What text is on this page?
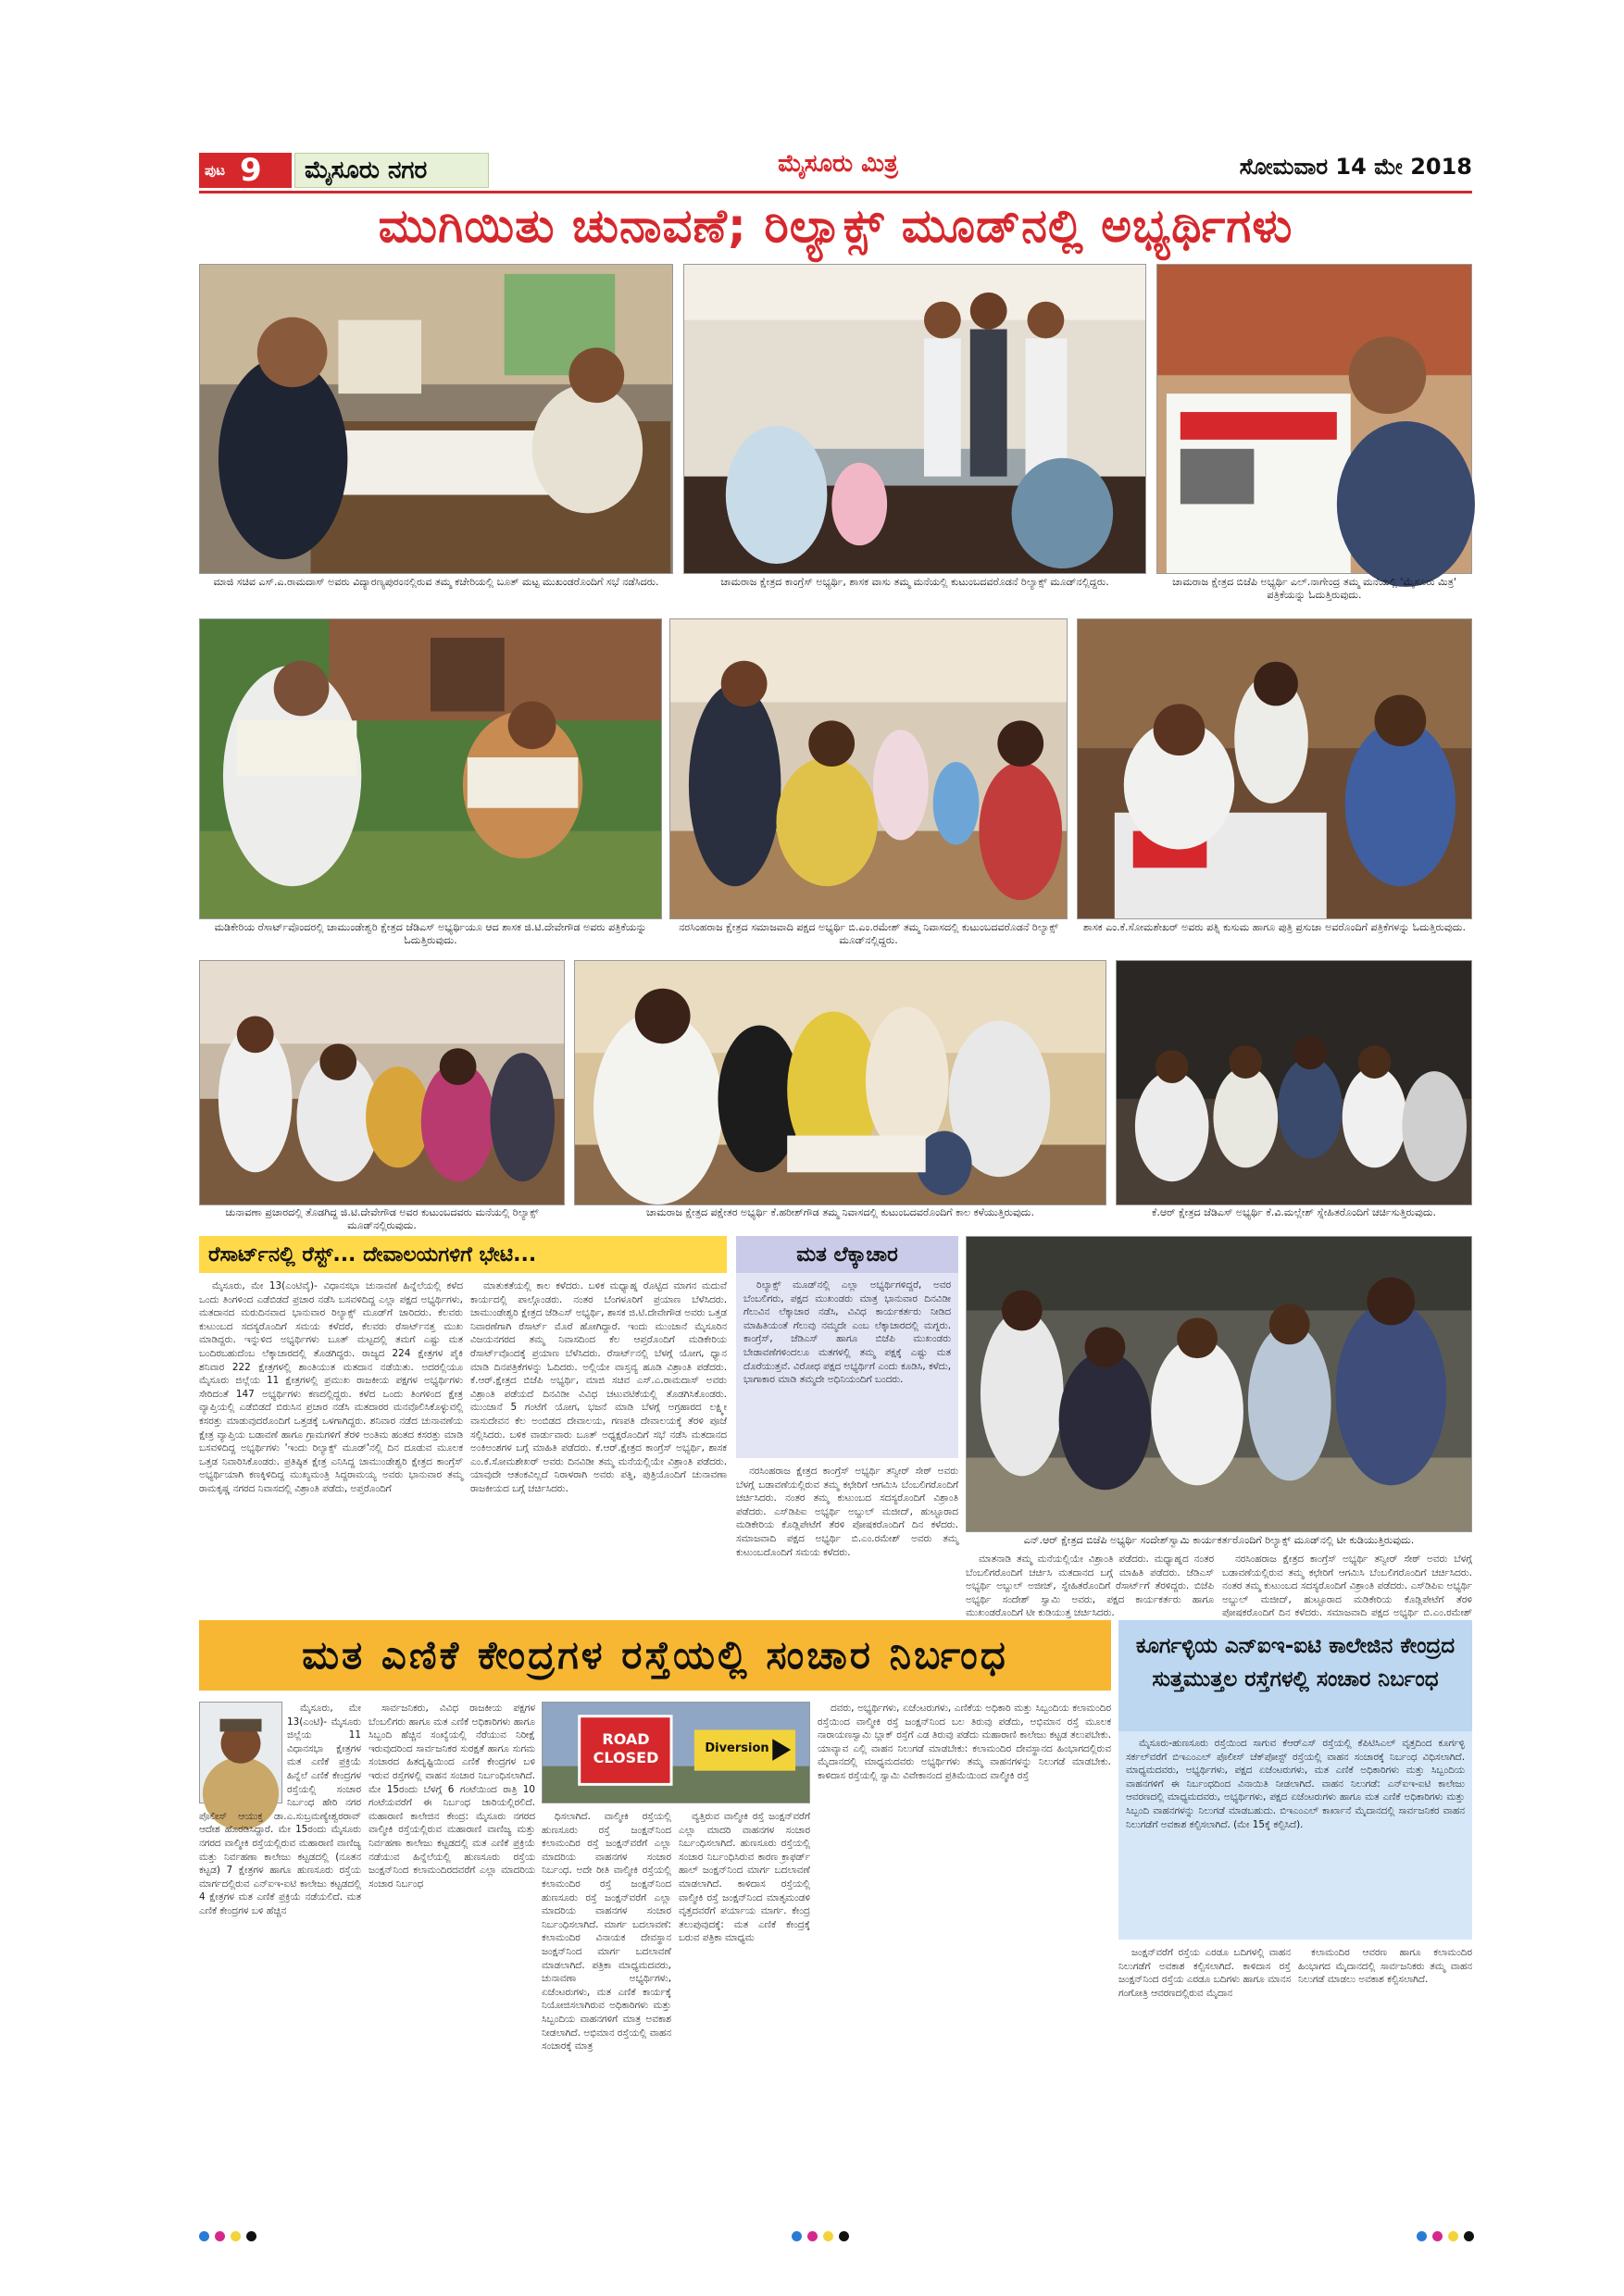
ಪುಟ 9	ಮೈಸೂರು ನಗರ	ಮೈಸೂರು ಮಿತ್ರ	ಸೋಮವಾರ 14 ಮೇ 2018
ಮುಗಿಯಿತು ಚುನಾವಣೆ; ರಿಲ್ಯಾಕ್ಸ್ ಮೂಡ್‌ನಲ್ಲಿ ಅಭ್ಯರ್ಥಿಗಳು
ಮಾಜಿ ಸಚಿವ ಎಸ್.ಎ.ರಾಮದಾಸ್ ಅವರು ವಿದ್ಯಾರಣ್ಯಪುರಂನಲ್ಲಿರುವ ತಮ್ಮ ಕಚೇರಿಯಲ್ಲಿ ಬೂತ್ ಮಟ್ಟ ಮುಖಂಡರೊಂದಿಗೆ ಸಭೆ ನಡೆಸಿದರು.	ಚಾಮರಾಜ ಕ್ಷೇತ್ರದ ಕಾಂಗ್ರೆಸ್ ಅಭ್ಯರ್ಥಿ, ಶಾಸಕ ವಾಸು ತಮ್ಮ ಮನೆಯಲ್ಲಿ ಕುಟುಂಬದವರೊಡನೆ ರಿಲ್ಯಾಕ್ಸ್ ಮೂಡ್‌ನಲ್ಲಿದ್ದರು.	ಚಾಮರಾಜ ಕ್ಷೇತ್ರದ ಬಿಜೆಪಿ ಅಭ್ಯರ್ಥಿ ಎಲ್.ನಾಗೇಂದ್ರ ತಮ್ಮ ಮನೆಯಲ್ಲಿ 'ಮೈಸೂರು ಮಿತ್ರ' ಪತ್ರಿಕೆಯನ್ನು ಓದುತ್ತಿರುವುದು.
ಮಡಿಕೇರಿಯ ರೆಸಾರ್ಟ್‌ವೊಂದರಲ್ಲಿ ಚಾಮುಂಡೇಶ್ವರಿ ಕ್ಷೇತ್ರದ ಜೆಡಿಎಸ್ ಅಭ್ಯರ್ಥಿಯೂ ಆದ ಶಾಸಕ ಜಿ.ಟಿ.ದೇವೇಗೌಡ ಅವರು ಪತ್ರಿಕೆಯನ್ನು ಓದುತ್ತಿರುವುದು.
ನರಸಿಂಹರಾಜ ಕ್ಷೇತ್ರದ ಸಮಾಜವಾದಿ ಪಕ್ಷದ ಅಭ್ಯರ್ಥಿ ಬಿ.ಎಂ.ರಮೇಶ್‌ ತಮ್ಮ ನಿವಾಸದಲ್ಲಿ ಕುಟುಂಬದವರೊಡನೆ ರಿಲ್ಯಾಕ್ಸ್ ಮೂಡ್‌ನಲ್ಲಿದ್ದರು.
ಶಾಸಕ ಎಂ.ಕೆ.ಸೋಮಶೇಖರ್ ಅವರು ಪತ್ನಿ ಕುಸುಮ ಹಾಗೂ ಪುತ್ರಿ ಪ್ರಸುಜಾ ಅವರೊಂದಿಗೆ ಪತ್ರಿಕೆಗಳನ್ನು ಓದುತ್ತಿರುವುದು.
ಚುನಾವಣಾ ಪ್ರಚಾರದಲ್ಲಿ ತೊಡಗಿದ್ದ ಜಿ.ಟಿ.ದೇವೇಗೌಡ ಅವರ ಕುಟುಂಬದವರು ಮನೆಯಲ್ಲಿ ರಿಲ್ಯಾಕ್ಸ್ ಮೂಡ್‌ನಲ್ಲಿರುವುದು.
ಚಾಮರಾಜ ಕ್ಷೇತ್ರದ ಪಕ್ಷೇತರ ಅಭ್ಯರ್ಥಿ ಕೆ.ಹರೀಶ್‌ಗೌಡ ತಮ್ಮ ನಿವಾಸದಲ್ಲಿ ಕುಟುಂಬದವರೊಂದಿಗೆ ಕಾಲ ಕಳೆಯುತ್ತಿರುವುದು.	ಕೆ.ಆರ್ ಕ್ಷೇತ್ರದ ಜೆಡಿಎಸ್ ಅಭ್ಯರ್ಥಿ ಕೆ.ವಿ.ಮಲ್ಲೇಶ್ ಸ್ನೇಹಿತರೊಂದಿಗೆ ಚರ್ಚಿಸುತ್ತಿರುವುದು.
ರೆಸಾರ್ಟ್‌ನಲ್ಲಿ ರೆಸ್ಟ್... ದೇವಾಲಯಗಳಿಗೆ ಭೇಟಿ...

ಮೈಸೂರು, ಮೇ 13(ಎಂಟಿವೈ)- ವಿಧಾನಸಭಾ ಚುನಾವಣೆ ಹಿನ್ನೆಲೆಯಲ್ಲಿ ಕಳೆದ ಒಂದು ತಿಂಗಳಿಂದ ಎಡೆಬಿಡದೆ ಪ್ರಚಾರ ನಡೆಸಿ ಬಸವಳಿದಿದ್ದ ಎಲ್ಲಾ ಪಕ್ಷದ ಅಭ್ಯರ್ಥಿಗಳು, ಮತದಾನದ ಮರುದಿನವಾದ ಭಾನುವಾರ ರಿಲ್ಯಾಕ್ಸ್ ಮೂಡ್‌ಗೆ ಜಾರಿದರು. ಕೆಲವರು ಕುಟುಂಬದ ಸದಸ್ಯರೊಂದಿಗೆ ಸಮಯ ಕಳೆದರೆ, ಕೆಲವರು ರೆಸಾರ್ಟ್‌ನತ್ತ ಮುಖ ಮಾಡಿದ್ದರು. ಇನ್ನುಳಿದ ಅಭ್ಯರ್ಥಿಗಳು ಬೂತ್ ಮಟ್ಟದಲ್ಲಿ ತಮಗೆ ಎಷ್ಟು ಮತ ಬಂದಿರಬಹುದೆಂಬ ಲೆಕ್ಕಾಚಾರದಲ್ಲಿ ತೊಡಗಿದ್ದರು. ರಾಜ್ಯದ 224 ಕ್ಷೇತ್ರಗಳ ಪೈಕಿ ಶನಿವಾರ 222 ಕ್ಷೇತ್ರಗಳಲ್ಲಿ ಶಾಂತಿಯುತ ಮತದಾನ ನಡೆಯಿತು. ಅದರಲ್ಲಿಯೂ ಮೈಸೂರು ಜಿಲ್ಲೆಯ 11 ಕ್ಷೇತ್ರಗಳಲ್ಲಿ ಪ್ರಮುಖ ರಾಜಕೀಯ ಪಕ್ಷಗಳ ಅಭ್ಯರ್ಥಿಗಳು ಸೇರಿದಂತೆ 147 ಅಭ್ಯರ್ಥಿಗಳು ಕಣದಲ್ಲಿದ್ದರು. ಕಳೆದ ಒಂದು ತಿಂಗಳಿಂದ ಕ್ಷೇತ್ರ ವ್ಯಾಪ್ತಿಯಲ್ಲಿ ಎಡೆಬಿಡದೆ ಬಿರುಸಿನ ಪ್ರಚಾರ ನಡೆಸಿ ಮತದಾರರ ಮನವೊಲಿಸಿಕೊಳ್ಳುವಲ್ಲಿ ಕಸರತ್ತು ಮಾಡುವುದರೊಂದಿಗೆ ಒತ್ತಡಕ್ಕೆ ಒಳಗಾಗಿದ್ದರು. ಶನಿವಾರ ನಡೆದ ಚುನಾವಣೆಯ ಕ್ಷೇತ್ರ ವ್ಯಾಪ್ತಿಯ ಬಡಾವಣೆ ಹಾಗೂ ಗ್ರಾಮಗಳಿಗೆ ತೆರಳಿ ಅಂತಿಮ ಹಂತದ ಕಸರತ್ತು ಮಾಡಿ ಬಸವಳಿದಿದ್ದ ಅಭ್ಯರ್ಥಿಗಳು 'ಇಂದು ರಿಲ್ಯಾಕ್ಸ್ ಮೂಡ್‌'ನಲ್ಲಿ ದಿನ ದೂಡುವ ಮೂಲಕ ಒತ್ತಡ ನಿವಾರಿಸಿಕೊಂಡರು. ಪ್ರತಿಷ್ಠಿತ ಕ್ಷೇತ್ರ ಎನಿಸಿದ್ದ ಚಾಮುಂಡೇಶ್ವರಿ ಕ್ಷೇತ್ರದ ಕಾಂಗ್ರೆಸ್ ಅಭ್ಯರ್ಥಿಯಾಗಿ ಕಣಕ್ಕಿಳಿದಿದ್ದ ಮುಖ್ಯಮಂತ್ರಿ ಸಿದ್ದರಾಮಯ್ಯ ಅವರು ಭಾನುವಾರ ತಮ್ಮ ರಾಮಕೃಷ್ಣ ನಗರದ ನಿವಾಸದಲ್ಲಿ ವಿಶ್ರಾಂತಿ ಪಡೆದು, ಅಪ್ತರೊಂದಿಗೆ

ಮಾತುಕತೆಯಲ್ಲಿ ಕಾಲ ಕಳೆದರು. ಬಳಿಕ ಮಧ್ಯಾಹ್ನ ರೊಟ್ಟಿದ ಮಾಗನ ಮದುವೆ ಕಾರ್ಯದಲ್ಲಿ ಪಾಲ್ಗೊಂಡರು. ನಂತರ ಬೆಂಗಳೂರಿಗೆ ಪ್ರಯಾಣ ಬೆಳೆಸಿದರು. ಚಾಮುಂಡೇಶ್ವರಿ ಕ್ಷೇತ್ರದ ಜೆಡಿಎಸ್ ಅಭ್ಯರ್ಥಿ, ಶಾಸಕ ಜಿ.ಟಿ.ದೇವೇಗೌಡ ಅವರು ಒತ್ತಡ ನಿವಾರಣೆಗಾಗಿ ರೆಸಾರ್ಟ್ ಮೊರೆ ಹೋಗಿದ್ದಾರೆ. ಇಂದು ಮುಂಜಾನೆ ಮೈಸೂರಿನ ವಿಜಯನಗರದ ತಮ್ಮ ನಿವಾಸದಿಂದ ಕೆಲ ಆಪ್ತರೊಂದಿಗೆ ಮಡಿಕೇರಿಯ ರೆಸಾರ್ಟ್‌ವೊಂದಕ್ಕೆ ಪ್ರಯಾಣ ಬೆಳೆಸಿದರು. ರೆಸಾರ್ಟ್‌ನಲ್ಲಿ ಬೆಳಗ್ಗೆ ಯೋಗ, ಧ್ಯಾನ ಮಾಡಿ ದಿನಪತ್ರಿಕೆಗಳನ್ನು ಓದಿದರು. ಅಲ್ಲಿಯೇ ವಾಸ್ತವ್ಯ ಹೂಡಿ ವಿಶ್ರಾಂತಿ ಪಡೆದರು. ಕೆ.ಆರ್.ಕ್ಷೇತ್ರದ ಬಿಜೆಪಿ ಅಭ್ಯರ್ಥಿ, ಮಾಜಿ ಸಚಿವ ಎಸ್.ಎ.ರಾಮದಾಸ್ ಅವರು ವಿಶ್ರಾಂತಿ ಪಡೆಯದೆ ದಿನವಿಡೀ ವಿವಿಧ ಚಟುವಟಿಕೆಯಲ್ಲಿ ತೊಡಗಿಸಿಕೊಂಡರು. ಮುಂಜಾನೆ 5 ಗಂಟೆಗೆ ಯೋಗ, ಭಜನೆ ಮಾಡಿ ಬೆಳಗ್ಗೆ ಅಗ್ರಹಾರದ ಲಕ್ಷ್ಮೀ ವಾಸುದೇವನ ಕೆಲ ಅಂಬಿಡದ ದೇವಾಲಯ, ಗಣಪತಿ ದೇವಾಲಯಕ್ಕೆ ತೆರಳಿ ಪೂಜೆ ಸಲ್ಲಿಸಿದರು. ಬಳಿಕ ವಾರ್ಡುವಾರು ಬೂತ್ ಅಧ್ಯಕ್ಷರೊಂದಿಗೆ ಸಭೆ ನಡೆಸಿ ಮತದಾನದ ಅಂಕಿಅಂಶಗಳ ಬಗ್ಗೆ ಮಾಹಿತಿ ಪಡೆದರು. ಕೆ.ಆರ್.ಕ್ಷೇತ್ರದ ಕಾಂಗ್ರೆಸ್ ಅಭ್ಯರ್ಥಿ, ಶಾಸಕ ಎಂ.ಕೆ.ಸೋಮಶೇಖರ್ ಅವರು ದಿನವಿಡೀ ತಮ್ಮ ಮನೆಯಲ್ಲಿಯೇ ವಿಶ್ರಾಂತಿ ಪಡೆದರು. ಯಾವುದೇ ಆತಂಕವಿಲ್ಲದೆ ನಿರಾಳರಾಗಿ ಅವರು ಪತ್ನಿ, ಪುತ್ರಿಯೊಂದಿಗೆ ಚುನಾವಣಾ ರಾಜಕೀಯದ ಬಗ್ಗೆ ಚರ್ಚಿಸಿದರು.

ಮತ ಲೆಕ್ಕಾಚಾರ

ರಿಲ್ಯಾಕ್ಸ್ ಮೂಡ್‌ನಲ್ಲಿ ಎಲ್ಲಾ ಅಭ್ಯರ್ಥಿಗಳಿದ್ದರೆ, ಅವರ ಬೆಂಬಲಿಗರು, ಪಕ್ಷದ ಮುಖಂಡರು ಮಾತ್ರ ಭಾನುವಾರ ದಿನವಿಡೀ ಗೆಲುವಿನ ಲೆಕ್ಕಾಚಾರ ನಡೆಸಿ, ವಿವಿಧ ಕಾರ್ಯಕರ್ತರು ನೀಡಿದ ಮಾಹಿತಿಯಂತೆ ಗೆಲುವು ನಮ್ಮದೇ ಎಂಬ ಲೆಕ್ಕಾಚಾರದಲ್ಲಿ ಮಗ್ನರು. ಕಾಂಗ್ರೆಸ್, ಜೆಡಿಎಸ್ ಹಾಗೂ ಬಿಜೆಪಿ ಮುಖಂಡರು ಬೇಡಾವಣೆಗಳಿಂದಲೂ ಮತಗಳಲ್ಲಿ ತಮ್ಮ ಪಕ್ಷಕ್ಕೆ ಎಷ್ಟು ಮತ ದೊರೆಯುತ್ತವೆ. ವಿರೋಧ ಪಕ್ಷದ ಅಭ್ಯರ್ಥಿಗೆ ಎಂದು ಕೂಡಿಸಿ, ಕಳೆದು, ಭಾಗಾಕಾರ ಮಾಡಿ ತಮ್ಮದೇ ಅಧಿನಿಯಂದಿಗೆ ಬಂದರು.

ನರಸಿಂಹರಾಜ ಕ್ಷೇತ್ರದ ಕಾಂಗ್ರೆಸ್ ಅಭ್ಯರ್ಥಿ ತನ್ವೀರ್ ಸೇಠ್ ಅವರು ಬೆಳಗ್ಗೆ ಬಡಾವಣೆಯಲ್ಲಿರುವ ತಮ್ಮ ಕಛೇರಿಗೆ ಆಗಮಿಸಿ ಬೆಂಬಲಿಗರೊಂದಿಗೆ ಚರ್ಚಿಸಿದರು. ನಂತರ ತಮ್ಮ ಕುಟುಂಬದ ಸದಸ್ಯರೊಂದಿಗೆ ವಿಶ್ರಾಂತಿ ಪಡೆದರು. ಎಸ್‌ಡಿಪಿಐ ಅಭ್ಯರ್ಥಿ ಅಬ್ದುಲ್ ಮಜೀದ್, ಹುಟ್ಟೂರಾದ ಮಡಿಕೇರಿಯ ಕೊಡ್ಲಿಪೇಟೆಗೆ ತೆರಳಿ ಪೋಷಕರೊಂದಿಗೆ ದಿನ ಕಳೆದರು. ಸಮಾಜವಾದಿ ಪಕ್ಷದ ಅಭ್ಯರ್ಥಿ ಬಿ.ಎಂ.ರಮೇಶ್ ಅವರು ತಮ್ಮ ಕುಟುಂಬದೊಂದಿಗೆ ಸಮಯ ಕಳೆದರು.

ಎನ್.ಆರ್ ಕ್ಷೇತ್ರದ ಬಿಜೆಪಿ ಅಭ್ಯರ್ಥಿ ಸಂದೇಶ್‌ಸ್ವಾಮಿ ಕಾರ್ಯಕರ್ತರೊಂದಿಗೆ ರಿಲ್ಯಾಕ್ಸ್ ಮೂಡ್‌ನಲ್ಲಿ ಟೀ ಕುಡಿಯುತ್ತಿರುವುದು.

ಮಾತನಾಡಿ ತಮ್ಮ ಮನೆಯಲ್ಲಿಯೇ ವಿಶ್ರಾಂತಿ ಪಡೆದರು. ಮಧ್ಯಾಹ್ನದ ನಂತರ ಬೆಂಬಲಿಗರೊಂದಿಗೆ ಚರ್ಚಿಸಿ ಮತದಾನದ ಬಗ್ಗೆ ಮಾಹಿತಿ ಪಡೆದರು. ಜೆಡಿಎಸ್ ಅಭ್ಯರ್ಥಿ ಅಬ್ದುಲ್ ಅಜೀಜ್, ಸ್ನೇಹಿತರೊಂದಿಗೆ ರೆಸಾರ್ಟ್‌ಗೆ ತೆರಳಿದ್ದರು. ಬಿಜೆಪಿ ಅಭ್ಯರ್ಥಿ ಸಂದೇಶ್ ಸ್ವಾಮಿ ಅವರು, ಪಕ್ಷದ ಕಾರ್ಯಕರ್ತರು ಹಾಗೂ ಮುಖಂಡರೊಂದಿಗೆ ಟೀ ಕುಡಿಯುತ್ತ ಚರ್ಚಿಸಿದರು.

ನರಸಿಂಹರಾಜ ಕ್ಷೇತ್ರದ ಕಾಂಗ್ರೆಸ್ ಅಭ್ಯರ್ಥಿ ತನ್ವೀರ್ ಸೇಠ್ ಅವರು ಬೆಳಗ್ಗೆ ಬಡಾವಣೆಯಲ್ಲಿರುವ ತಮ್ಮ ಕಛೇರಿಗೆ ಆಗಮಿಸಿ ಬೆಂಬಲಿಗರೊಂದಿಗೆ ಚರ್ಚಿಸಿದರು. ನಂತರ ತಮ್ಮ ಕುಟುಂಬದ ಸದಸ್ಯರೊಂದಿಗೆ ವಿಶ್ರಾಂತಿ ಪಡೆದರು. ಎಸ್‌ಡಿಪಿಐ ಅಭ್ಯರ್ಥಿ ಅಬ್ದುಲ್ ಮಜೀದ್, ಹುಟ್ಟೂರಾದ ಮಡಿಕೇರಿಯ ಕೊಡ್ಲಿಪೇಟೆಗೆ ತೆರಳಿ ಪೋಷಕರೊಂದಿಗೆ ದಿನ ಕಳೆದರು. ಸಮಾಜವಾದಿ ಪಕ್ಷದ ಅಭ್ಯರ್ಥಿ ಬಿ.ಎಂ.ರಮೇಶ್

ಮತ ಎಣಿಕೆ ಕೇಂದ್ರಗಳ ರಸ್ತೆಯಲ್ಲಿ ಸಂಚಾರ ನಿರ್ಬಂಧ

ಮೈಸೂರು, ಮೇ 13(ಎಂಟಿ)- ಮೈಸೂರು ಜಿಲ್ಲೆಯ 11 ವಿಧಾನಸಭಾ ಕ್ಷೇತ್ರಗಳ ಮತ ಎಣಿಕೆ ಪ್ರಕ್ರಿಯೆ ಹಿನ್ನೆಲೆ ಎಣಿಕೆ ಕೇಂದ್ರಗಳ ರಸ್ತೆಯಲ್ಲಿ ಸಂಚಾರ ನಿರ್ಬಂಧ ಹೇರಿ ನಗರ ಪೊಲೀಸ್ ಆಯುಕ್ತ ಡಾ.ಎ.ಸುಬ್ರಮಣ್ಯೇಶ್ವರರಾವ್ ಆದೇಶ ಹೊರಡಿಸಿದ್ದಾರೆ. ಮೇ 15ರಂದು ಮೈಸೂರು ನಗರದ ವಾಲ್ಮೀಕಿ ರಸ್ತೆಯಲ್ಲಿರುವ ಮಹಾರಾಣಿ ವಾಣಿಜ್ಯ ಮತ್ತು ನಿರ್ವಹಣಾ ಕಾಲೇಜು ಕಟ್ಟಡದಲ್ಲಿ (ನೂತನ ಕಟ್ಟಡ) 7 ಕ್ಷೇತ್ರಗಳ ಹಾಗೂ ಹುಣಸೂರು ರಸ್ತೆಯ ಮಾರ್ಗದಲ್ಲಿರುವ ಎನ್‌ಐಇ-ಐಟಿ ಕಾಲೇಜು ಕಟ್ಟಡದಲ್ಲಿ 4 ಕ್ಷೇತ್ರಗಳ ಮತ ಎಣಿಕೆ ಪ್ರಕ್ರಿಯೆ ನಡೆಯಲಿದೆ. ಮತ ಎಣಿಕೆ ಕೇಂದ್ರಗಳ ಬಳಿ ಹೆಚ್ಚಿನ

ಸಾರ್ವಜನಿಕರು, ವಿವಿಧ ರಾಜಕೀಯ ಪಕ್ಷಗಳ ಬೆಂಬಲಿಗರು ಹಾಗೂ ಮತ ಎಣಿಕೆ ಅಧಿಕಾರಿಗಳು ಹಾಗೂ ಸಿಬ್ಬಂದಿ ಹೆಚ್ಚಿನ ಸಂಖ್ಯೆಯಲ್ಲಿ ನೆರೆಯುವ ನಿರೀಕ್ಷೆ ಇರುವುದರಿಂದ ಸಾರ್ವಜನಿಕರ ಸುರಕ್ಷತೆ ಹಾಗೂ ಸುಗಮ ಸಂಚಾರದ ಹಿತದೃಷ್ಟಿಯಿಂದ ಎಣಿಕೆ ಕೇಂದ್ರಗಳ ಬಳಿ ಇರುವ ರಸ್ತೆಗಳಲ್ಲಿ ವಾಹನ ಸಂಚಾರ ನಿರ್ಬಂಧಿಸಲಾಗಿದೆ. ಮೇ 15ರಂದು ಬೆಳಗ್ಗೆ 6 ಗಂಟೆಯಿಂದ ರಾತ್ರಿ 10 ಗಂಟೆಯವರೆಗೆ ಈ ನಿರ್ಬಂಧ ಜಾರಿಯಲ್ಲಿರಲಿದೆ. ಮಹಾರಾಣಿ ಕಾಲೇಜಿನ ಕೇಂದ್ರ: ಮೈಸೂರು ನಗರದ ವಾಲ್ಮೀಕಿ ರಸ್ತೆಯಲ್ಲಿರುವ ಮಹಾರಾಣಿ ವಾಣಿಜ್ಯ ಮತ್ತು ನಿರ್ವಹಣಾ ಕಾಲೇಜು ಕಟ್ಟಡದಲ್ಲಿ ಮತ ಎಣಿಕೆ ಪ್ರಕ್ರಿಯೆ ನಡೆಯುವ ಹಿನ್ನೆಲೆಯಲ್ಲಿ ಹುಣಸೂರು ರಸ್ತೆಯ ಜಂಕ್ಷನ್‌ನಿಂದ ಕಲಾಮಂದಿರದವರೆಗೆ ಎಲ್ಲಾ ಮಾದರಿಯ ಸಂಚಾರ ನಿರ್ಬಂಧ

ROAD CLOSED
Diversion

ಧಿಸಲಾಗಿದೆ. ವಾಲ್ಮೀಕಿ ರಸ್ತೆಯಲ್ಲಿ ಹುಣಸೂರು ರಸ್ತೆ ಜಂಕ್ಷನ್‌ನಿಂದ ಕಲಾಮಂದಿರ ರಸ್ತೆ ಜಂಕ್ಷನ್‌ವರೆಗೆ ಎಲ್ಲಾ ಮಾದರಿಯ ವಾಹನಗಳ ಸಂಚಾರ ನಿರ್ಬಂಧ. ಅದೇ ರೀತಿ ವಾಲ್ಮೀಕಿ ರಸ್ತೆಯಲ್ಲಿ ಕಲಾಮಂದಿರ ರಸ್ತೆ ಜಂಕ್ಷನ್‌ನಿಂದ ಹುಣಸೂರು ರಸ್ತೆ ಜಂಕ್ಷನ್‌ವರೆಗೆ ಎಲ್ಲಾ ಮಾದರಿಯ ವಾಹನಗಳ ಸಂಚಾರ ನಿರ್ಬಂಧಿಸಲಾಗಿದೆ. ಮಾರ್ಗ ಬದಲಾವಣೆ: ಕಲಾಮಂದಿರ ವಿನಾಯಕ ದೇವಸ್ಥಾನ ಜಂಕ್ಷನ್‌ನಿಂದ ಮಾರ್ಗ ಬದಲಾವಣೆ ಮಾಡಲಾಗಿದೆ. ಪತ್ರಿಕಾ ಮಾಧ್ಯಮದವರು, ಚುನಾವಣಾ ಅಭ್ಯರ್ಥಿಗಳು, ಏಜೆಂಟರುಗಳು, ಮತ ಎಣಿಕೆ ಕಾರ್ಯಕ್ಕೆ ನಿಯೋಜಿಸಲಾಗಿರುವ ಅಧಿಕಾರಿಗಳು ಮತ್ತು ಸಿಬ್ಬಂದಿಯ ವಾಹನಗಳಿಗೆ ಮಾತ್ರ ಅವಕಾಶ ನೀಡಲಾಗಿದೆ. ಅಭಿಮಾನ ರಸ್ತೆಯಲ್ಲಿ ವಾಹನ ಸಂಚಾರಕ್ಕೆ ಮಾತ್ರ

ವ್ಯತ್ತಿರುವ ವಾಲ್ಮೀಕಿ ರಸ್ತೆ ಜಂಕ್ಷನ್‌ವರೆಗೆ ಎಲ್ಲಾ ಮಾದರಿ ವಾಹನಗಳ ಸಂಚಾರ ನಿರ್ಬಂಧಿಸಲಾಗಿದೆ. ಹುಣಸೂರು ರಸ್ತೆಯಲ್ಲಿ ಸಂಚಾರ ನಿರ್ಬಂಧಿಸಿರುವ ಕಾರಣ ಕ್ರಾಫರ್ಡ್ ಹಾಲ್ ಜಂಕ್ಷನ್‌ನಿಂದ ಮಾರ್ಗ ಬದಲಾವಣೆ ಮಾಡಲಾಗಿದೆ. ಕಾಳಿದಾಸ ರಸ್ತೆಯಲ್ಲಿ ವಾಲ್ಮೀಕಿ ರಸ್ತೆ ಜಂಕ್ಷನ್‌ನಿಂದ ಮಾತೃಮಂಡಳಿ ವೃತ್ತದವರೆಗೆ ಪರ್ಯಾಯ ಮಾರ್ಗ. ಕೇಂದ್ರ ತಲುಪುವುದಕ್ಕೆ: ಮತ ಎಣಿಕೆ ಕೇಂದ್ರಕ್ಕೆ ಬರುವ ಪತ್ರಿಕಾ ಮಾಧ್ಯಮ

ದವರು, ಅಭ್ಯರ್ಥಿಗಳು, ಏಜೆಂಟರುಗಳು, ಎಣಿಕೆಯ ಅಧಿಕಾರಿ ಮತ್ತು ಸಿಬ್ಬಂದಿಯ ಕಲಾಮಂದಿರ ರಸ್ತೆಯಿಂದ ವಾಲ್ಮೀಕಿ ರಸ್ತೆ ಜಂಕ್ಷನ್‌ನಿಂದ ಬಲ ತಿರುವು ಪಡೆದು, ಅಭಿಮಾನ ರಸ್ತೆ ಮೂಲಕ ನಾರಾಯಣಸ್ವಾಮಿ ಬ್ಲಾಕ್ ರಸ್ತೆಗೆ ಎಡ ತಿರುವು ಪಡೆದು ಮಹಾರಾಣಿ ಕಾಲೇಜು ಕಟ್ಟಡ ತಲುಪಬೇಕು. ಯಾವ್ಯಾವ ಎಲ್ಲಿ ವಾಹನ ನಿಲುಗಡೆ ಮಾಡಬೇಕು: ಕಲಾಮಂದಿರ ದೇವಸ್ಥಾನದ ಹಿಂಭಾಗದಲ್ಲಿರುವ ಮೈದಾನದಲ್ಲಿ ಮಾಧ್ಯಮದವರು ಅಭ್ಯರ್ಥಿಗಳು ತಮ್ಮ ವಾಹನಗಳನ್ನು ನಿಲುಗಡೆ ಮಾಡಬೇಕು. ಕಾಳಿದಾಸ ರಸ್ತೆಯಲ್ಲಿ ಸ್ವಾಮಿ ವಿವೇಕಾನಂದ ಪ್ರತಿಮೆಯಿಂದ ವಾಲ್ಮೀಕಿ ರಸ್ತೆ

ಕೂರ್ಗಳ್ಳಿಯ ಎನ್‌ಐಇ-ಐಟಿ ಕಾಲೇಜಿನ ಕೇಂದ್ರದ ಸುತ್ತಮುತ್ತಲ ರಸ್ತೆಗಳಲ್ಲಿ ಸಂಚಾರ ನಿರ್ಬಂಧ

ಮೈಸೂರು-ಹುಣಸೂರು ರಸ್ತೆಯಿಂದ ಸಾಗುವ ಕೆಆರ್‌ಎಸ್ ರಸ್ತೆಯಲ್ಲಿ ಕೆಪಿಟಿಸಿಎಲ್ ವೃತ್ತದಿಂದ ಕೂರ್ಗಳ್ಳಿ ಸರ್ಕಲ್‌ವರೆಗೆ ಬಿಇಎಂಎಲ್ ಪೊಲೀಸ್ ಚೆಕ್‌ಪೋಸ್ಟ್ ರಸ್ತೆಯಲ್ಲಿ ವಾಹನ ಸಂಚಾರಕ್ಕೆ ನಿರ್ಬಂಧ ವಿಧಿಸಲಾಗಿದೆ. ಮಾಧ್ಯಮದವರು, ಅಭ್ಯರ್ಥಿಗಳು, ಪಕ್ಷದ ಏಜೆಂಟರುಗಳು, ಮತ ಎಣಿಕೆ ಅಧಿಕಾರಿಗಳು ಮತ್ತು ಸಿಬ್ಬಂದಿಯ ವಾಹನಗಳಿಗೆ ಈ ನಿರ್ಬಂಧದಿಂದ ವಿನಾಯಿತಿ ನೀಡಲಾಗಿದೆ. ವಾಹನ ನಿಲುಗಡೆ: ಎನ್‌ಐಇ-ಐಟಿ ಕಾಲೇಜು ಆವರಣದಲ್ಲಿ ಮಾಧ್ಯಮದವರು, ಅಭ್ಯರ್ಥಿಗಳು, ಪಕ್ಷದ ಏಜೆಂಟರುಗಳು ಹಾಗೂ ಮತ ಎಣಿಕೆ ಅಧಿಕಾರಿಗಳು ಮತ್ತು ಸಿಬ್ಬಂದಿ ವಾಹನಗಳನ್ನು ನಿಲುಗಡೆ ಮಾಡಬಹುದು. ಬಿಇಎಂಎಲ್ ಕಾರ್ಖಾನೆ ಮೈದಾನದಲ್ಲಿ ಸಾರ್ವಜನಿಕರ ವಾಹನ ನಿಲುಗಡೆಗೆ ಅವಕಾಶ ಕಲ್ಪಿಸಲಾಗಿದೆ. (ಮೇ 15ಕ್ಕೆ ಕಲ್ಪಿಸಿದೆ).

ಜಂಕ್ಷನ್‌ವರೆಗೆ ರಸ್ತೆಯ ಎರಡೂ ಬದಿಗಳಲ್ಲಿ ವಾಹನ ನಿಲುಗಡೆಗೆ ಅವಕಾಶ ಕಲ್ಪಿಸಲಾಗಿದೆ. ಕಾಳಿದಾಸ ರಸ್ತೆ ಜಂಕ್ಷನ್‌ನಿಂದ ರಸ್ತೆಯ ಎರಡೂ ಬದಿಗಳು ಹಾಗೂ ಮಾನಸ ಗಂಗೋತ್ರಿ ಆವರಣದಲ್ಲಿರುವ ಮೈದಾನ

ಕಲಾಮಂದಿರ ಆವರಣ ಹಾಗೂ ಕಲಾಮಂದಿರ ಹಿಂಭಾಗದ ಮೈದಾನದಲ್ಲಿ ಸಾರ್ವಜನಿಕರು ತಮ್ಮ ವಾಹನ ನಿಲುಗಡೆ ಮಾಡಲು ಅವಕಾಶ ಕಲ್ಪಿಸಲಾಗಿದೆ.
